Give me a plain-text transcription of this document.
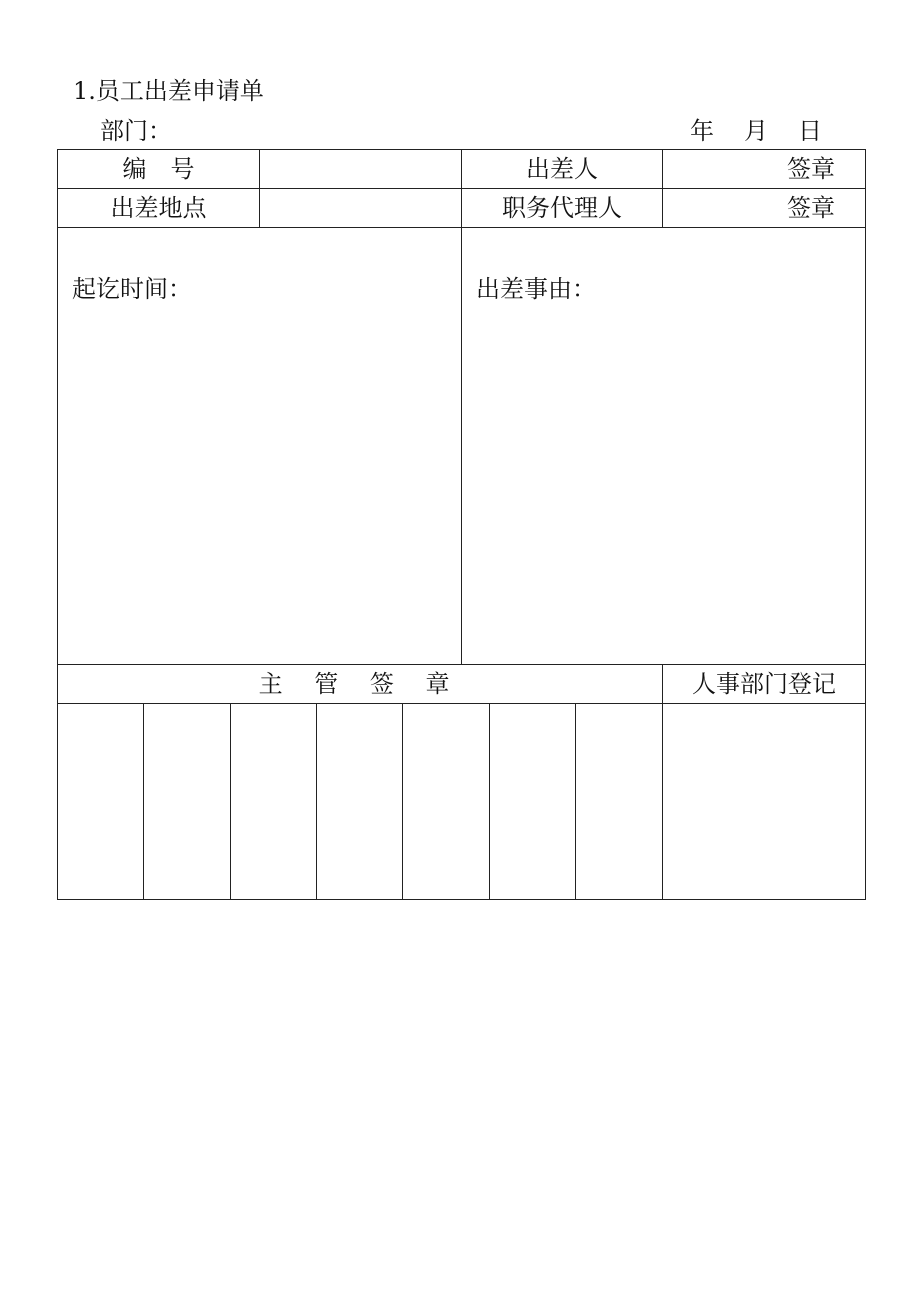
1.员工出差申请单
部门：	年 月 日
编　号						出差人			签章
出差地点						职务代理人			签章
起讫时间：						出差事由：			
主 管 签 章									人事部门登记
